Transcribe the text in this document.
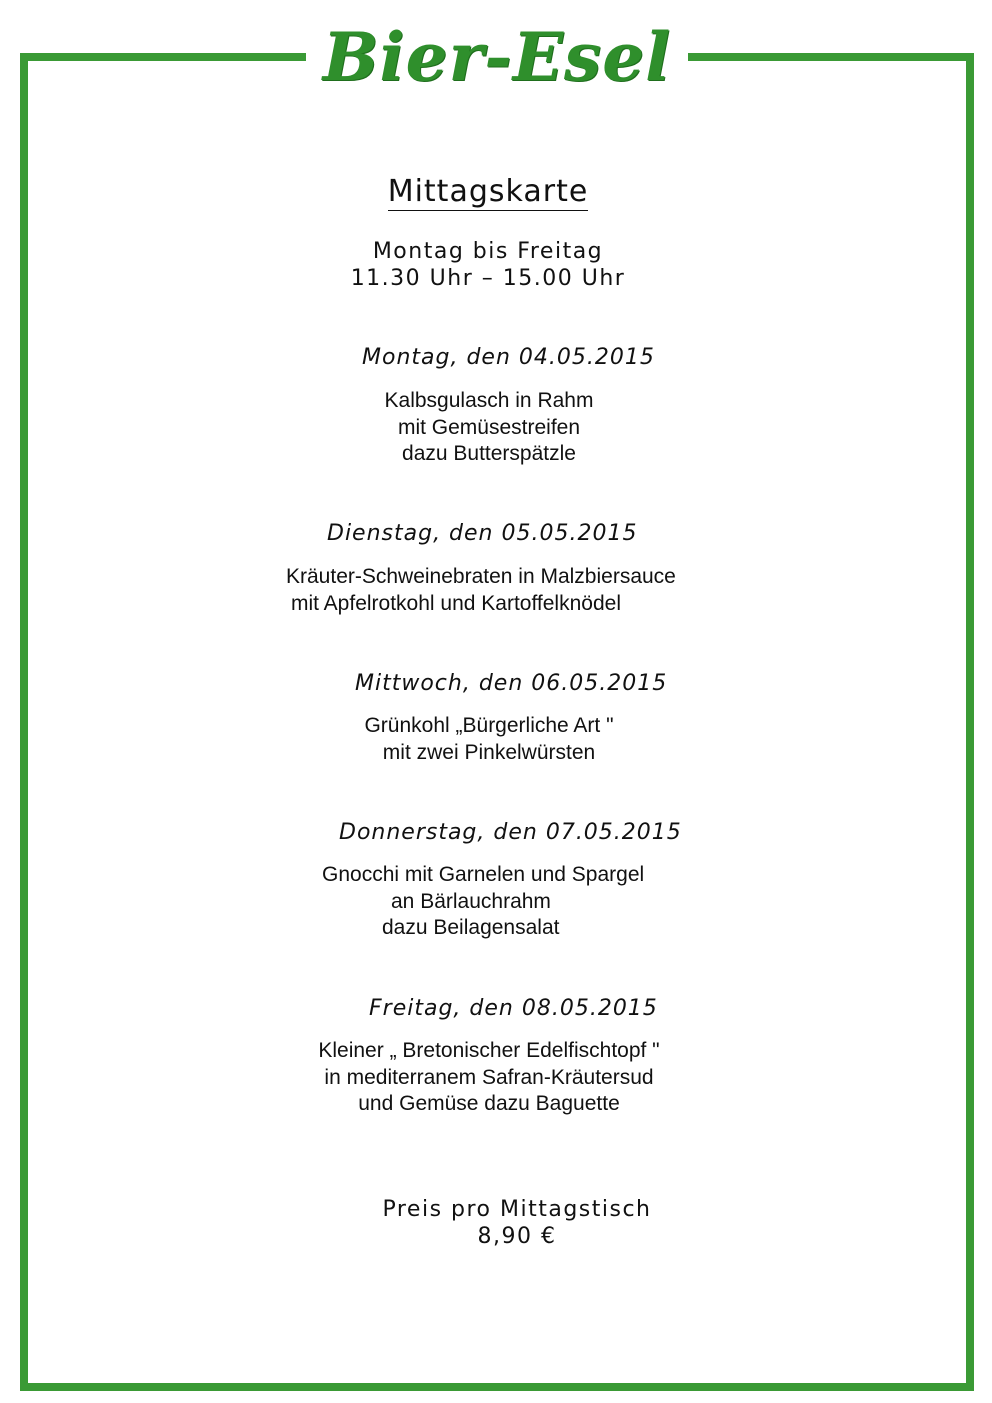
Bier-Esel
Mittagskarte
Montag bis Freitag
11.30 Uhr – 15.00 Uhr
Montag, den 04.05.2015
Kalbsgulasch in Rahm
mit Gemüsestreifen
dazu Butterspätzle
Dienstag, den 05.05.2015
Kräuter-Schweinebraten in Malzbiersauce
mit Apfelrotkohl und Kartoffelknödel
Mittwoch, den 06.05.2015
Grünkohl „Bürgerliche Art "
mit zwei Pinkelwürsten
Donnerstag, den 07.05.2015
Gnocchi mit Garnelen und Spargel
an Bärlauchrahm
dazu Beilagensalat
Freitag, den 08.05.2015
Kleiner „ Bretonischer Edelfischtopf "
in mediterranem Safran-Kräutersud
und Gemüse dazu Baguette
Preis pro Mittagstisch
8,90 €
